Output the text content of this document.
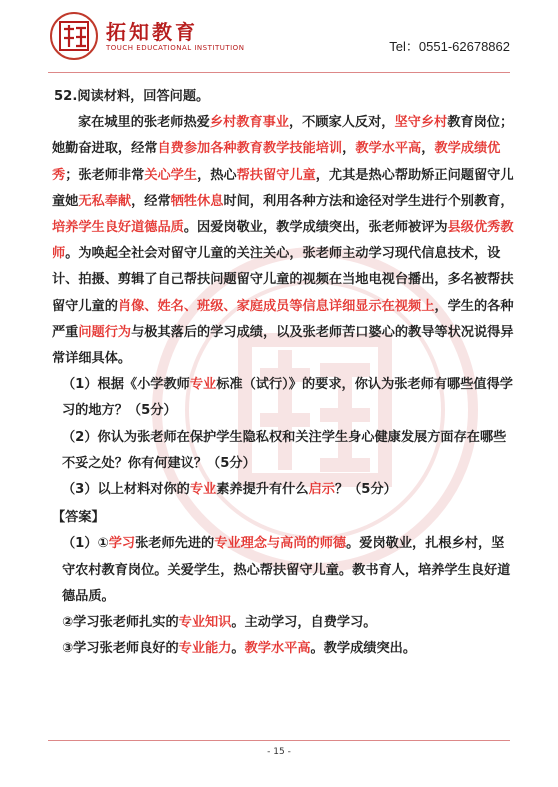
拓知教育
TOUCH EDUCATIONAL INSTITUTION	Tel：0551-62678862

52.阅读材料，回答问题。

家在城里的张老师热爱乡村教育事业，不顾家人反对，坚守乡村教育岗位；她勤奋进取，经常自费参加各种教育教学技能培训，教学水平高，教学成绩优秀；张老师非常关心学生，热心帮扶留守儿童，尤其是热心帮助矫正问题留守儿童她无私奉献，经常牺牲休息时间，利用各种方法和途径对学生进行个别教育，培养学生良好道德品质。因爱岗敬业，教学成绩突出，张老师被评为县级优秀教师。为唤起全社会对留守儿童的关注关心，张老师主动学习现代信息技术，设计、拍摄、剪辑了自己帮扶问题留守儿童的视频在当地电视台播出，多名被帮扶留守儿童的肖像、姓名、班级、家庭成员等信息详细显示在视频上，学生的各种严重问题行为与极其落后的学习成绩，以及张老师苦口婆心的教导等状况说得异常详细具体。

（1）根据《小学教师专业标准（试行）》的要求，你认为张老师有哪些值得学习的地方？（5分）

（2）你认为张老师在保护学生隐私权和关注学生身心健康发展方面存在哪些不妥之处？你有何建议？（5分）

（3）以上材料对你的专业素养提升有什么启示？（5分）

【答案】

（1）①学习张老师先进的专业理念与高尚的师德。爱岗敬业，扎根乡村，坚守农村教育岗位。关爱学生，热心帮扶留守儿童。教书育人，培养学生良好道德品质。

②学习张老师扎实的专业知识。主动学习，自费学习。

③学习张老师良好的专业能力。教学水平高。教学成绩突出。

- 15 -
